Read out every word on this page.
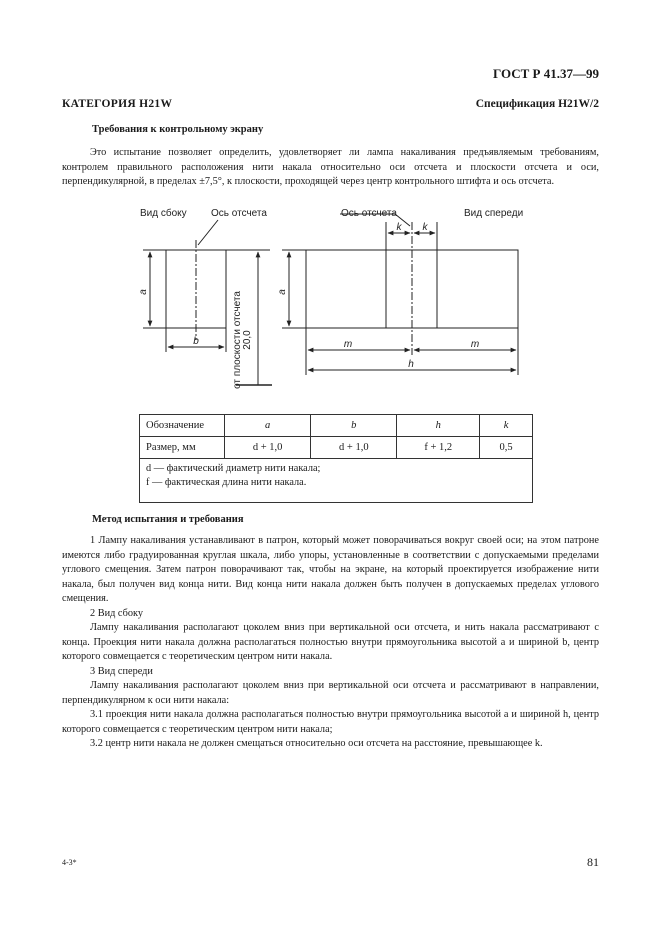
ГОСТ Р 41.37—99
КАТЕГОРИЯ H21W	Спецификация H21W/2
Требования к контрольному экрану

Это испытание позволяет определить, удовлетворяет ли лампа накаливания предъявляемым требованиям, контролем правильного расположения нити накала относительно оси отсчета и плоскости отсчета и оси, перпендикулярной, в пределах ±7,5°, к плоскости, проходящей через центр контрольного штифта и ось отсчета.

Вид сбоку Ось отсчета	Ось отсчета	Вид спереди
a
b
a
k k
m	m
h
20,0
от плоскости отсчета
Обозначение	a	b	h	k
Размер, мм	d + 1,0	d + 1,0	f + 1,2	0,5

d — фактический диаметр нити накала;
f — фактическая длина нити накала.				
Метод испытания и требования

1 Лампу накаливания устанавливают в патрон, который может поворачиваться вокруг своей оси; на этом патроне имеются либо градуированная круглая шкала, либо упоры, установленные в соответствии с допускаемыми пределами углового смещения. Затем патрон поворачивают так, чтобы на экране, на который проектируется изображение нити накала, был получен вид конца нити. Вид конца нити накала должен быть получен в допускаемых пределах углового смещения.

2 Вид сбоку

Лампу накаливания располагают цоколем вниз при вертикальной оси отсчета, и нить накала рассматривают с конца. Проекция нити накала должна располагаться полностью внутри прямоугольника высотой a и шириной b, центр которого совмещается с теоретическим центром нити накала.

3 Вид спереди

Лампу накаливания располагают цоколем вниз при вертикальной оси отсчета и рассматривают в направлении, перпендикулярном к оси нити накала:

3.1 проекция нити накала должна располагаться полностью внутри прямоугольника высотой a и шириной h, центр которого совмещается с теоретическим центром нити накала;

3.2 центр нити накала не должен смещаться относительно оси отсчета на расстояние, превышающее k.

4-3*	81
